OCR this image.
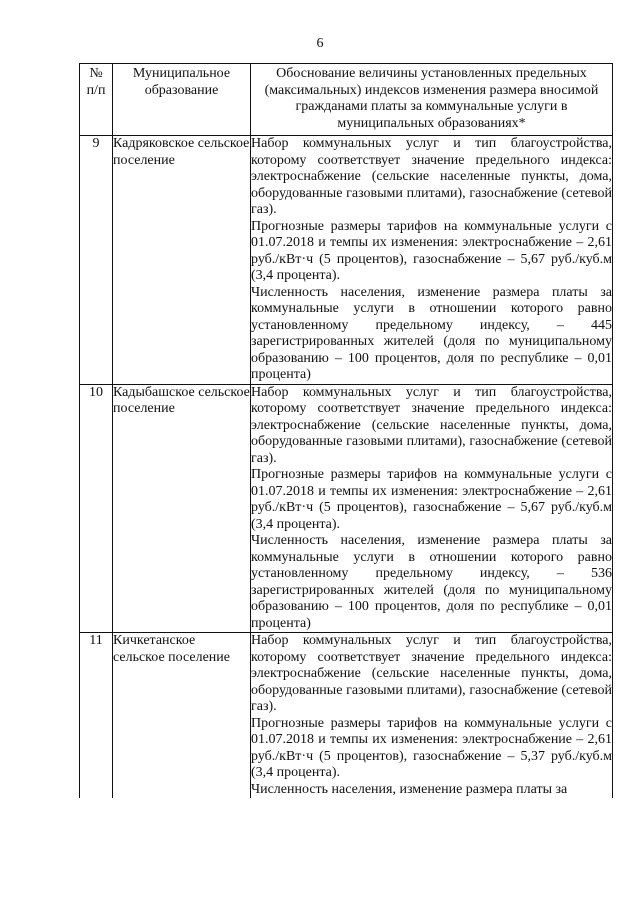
6
№
п/п	Муниципальное образование	Обоснование величины установленных предельных (максимальных) индексов изменения размера вносимой гражданами платы за коммунальные услуги в муниципальных образованиях*
9	Кадряковское сельское поселение	Набор коммунальных услуг и тип благоустройства, которому соответствует значение предельного индекса: электроснабжение (сельские населенные пункты, дома, оборудованные газовыми плитами), газоснабжение (сетевой газ).

Прогнозные размеры тарифов на коммунальные услуги с 01.07.2018 и темпы их изменения: электроснабжение – 2,61 руб./кВт·ч (5 процентов), газоснабжение – 5,67 руб./куб.м (3,4 процента).

Численность населения, изменение размера платы за коммунальные услуги в отношении которого равно установленному предельному индексу, – 445 зарегистрированных жителей (доля по муниципальному образованию – 100 процентов, доля по республике – 0,01 процента)

10	Кадыбашское сельское поселение	Набор коммунальных услуг и тип благоустройства, которому соответствует значение предельного индекса: электроснабжение (сельские населенные пункты, дома, оборудованные газовыми плитами), газоснабжение (сетевой газ).

Прогнозные размеры тарифов на коммунальные услуги с 01.07.2018 и темпы их изменения: электроснабжение – 2,61 руб./кВт·ч (5 процентов), газоснабжение – 5,67 руб./куб.м (3,4 процента).

Численность населения, изменение размера платы за коммунальные услуги в отношении которого равно установленному предельному индексу, – 536 зарегистрированных жителей (доля по муниципальному образованию – 100 процентов, доля по республике – 0,01 процента)

11	Кичкетанское сельское поселение	Набор коммунальных услуг и тип благоустройства, которому соответствует значение предельного индекса: электроснабжение (сельские населенные пункты, дома, оборудованные газовыми плитами), газоснабжение (сетевой газ).

Прогнозные размеры тарифов на коммунальные услуги с 01.07.2018 и темпы их изменения: электроснабжение – 2,61 руб./кВт·ч (5 процентов), газоснабжение – 5,37 руб./куб.м (3,4 процента).

Численность населения, изменение размера платы за
